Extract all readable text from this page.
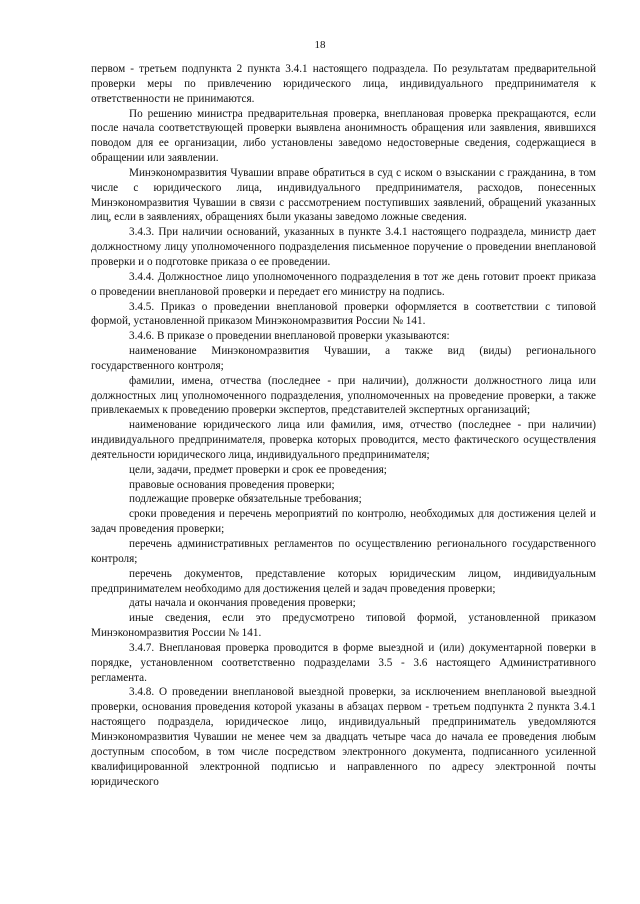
18

первом - третьем подпункта 2 пункта 3.4.1 настоящего подраздела. По результатам предварительной проверки меры по привлечению юридического лица, индивидуального предпринимателя к ответственности не принимаются.

По решению министра предварительная проверка, внеплановая проверка прекращаются, если после начала соответствующей проверки выявлена анонимность обращения или заявления, явившихся поводом для ее организации, либо установлены заведомо недостоверные сведения, содержащиеся в обращении или заявлении.

Минэкономразвития Чувашии вправе обратиться в суд с иском о взыскании с гражданина, в том числе с юридического лица, индивидуального предпринимателя, расходов, понесенных Минэкономразвития Чувашии в связи с рассмотрением поступивших заявлений, обращений указанных лиц, если в заявлениях, обращениях были указаны заведомо ложные сведения.

3.4.3. При наличии оснований, указанных в пункте 3.4.1 настоящего подраздела, министр дает должностному лицу уполномоченного подразделения письменное поручение о проведении внеплановой проверки и о подготовке приказа о ее проведении.

3.4.4. Должностное лицо уполномоченного подразделения в тот же день готовит проект приказа о проведении внеплановой проверки и передает его министру на подпись.

3.4.5. Приказ о проведении внеплановой проверки оформляется в соответствии с типовой формой, установленной приказом Минэкономразвития России № 141.

3.4.6. В приказе о проведении внеплановой проверки указываются:

наименование Минэкономразвития Чувашии, а также вид (виды) регионального государственного контроля;

фамилии, имена, отчества (последнее - при наличии), должности должностного лица или должностных лиц уполномоченного подразделения, уполномоченных на проведение проверки, а также привлекаемых к проведению проверки экспертов, представителей экспертных организаций;

наименование юридического лица или фамилия, имя, отчество (последнее - при наличии) индивидуального предпринимателя, проверка которых проводится, место фактического осуществления деятельности юридического лица, индивидуального предпринимателя;

цели, задачи, предмет проверки и срок ее проведения;

правовые основания проведения проверки;

подлежащие проверке обязательные требования;

сроки проведения и перечень мероприятий по контролю, необходимых для достижения целей и задач проведения проверки;

перечень административных регламентов по осуществлению регионального государственного контроля;

перечень документов, представление которых юридическим лицом, индивидуальным предпринимателем необходимо для достижения целей и задач проведения проверки;

даты начала и окончания проведения проверки;

иные сведения, если это предусмотрено типовой формой, установленной приказом Минэкономразвития России № 141.

3.4.7. Внеплановая проверка проводится в форме выездной и (или) документарной поверки в порядке, установленном соответственно подразделами 3.5 - 3.6 настоящего Административного регламента.

3.4.8. О проведении внеплановой выездной проверки, за исключением внеплановой выездной проверки, основания проведения которой указаны в абзацах первом - третьем подпункта 2 пункта 3.4.1 настоящего подраздела, юридическое лицо, индивидуальный предприниматель уведомляются Минэкономразвития Чувашии не менее чем за двадцать четыре часа до начала ее проведения любым доступным способом, в том числе посредством электронного документа, подписанного усиленной квалифицированной электронной подписью и направленного по адресу электронной почты юридического
